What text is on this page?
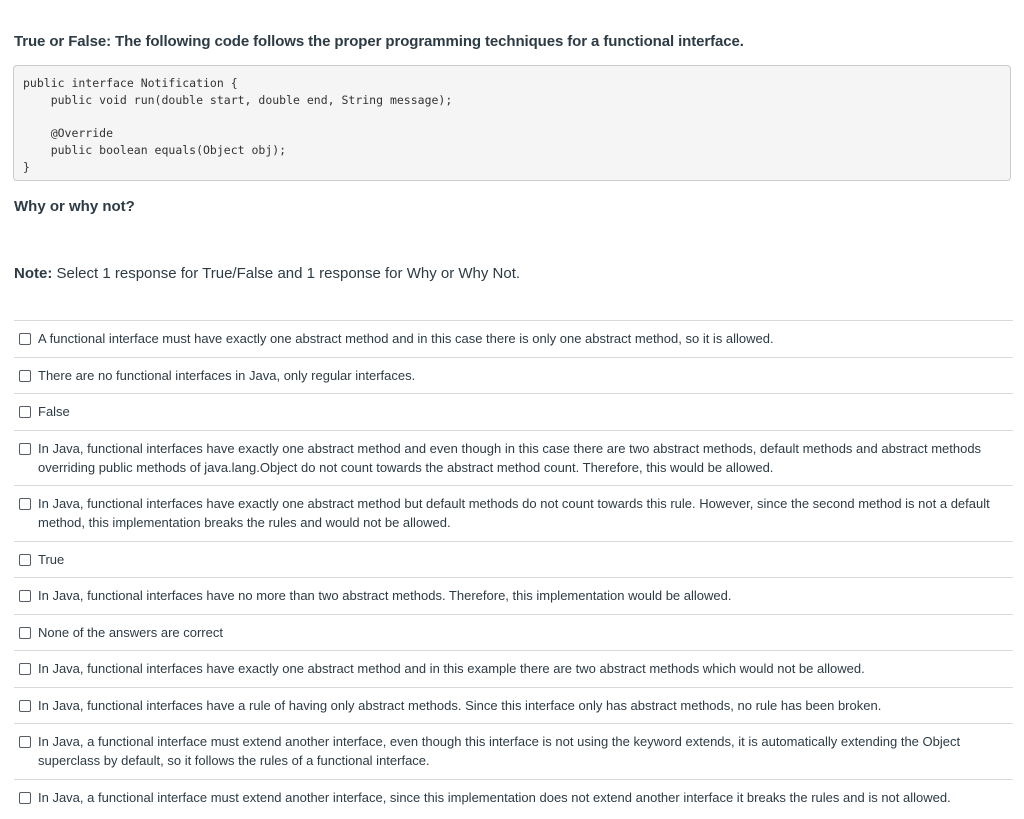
True or False: The following code follows the proper programming techniques for a functional interface.
public interface Notification {
public void run(double start, double end, String message);

@Override
public boolean equals(Object obj);
}

Why or why not?

Note: Select 1 response for True/False and 1 response for Why or Why Not.

A functional interface must have exactly one abstract method and in this case there is only one abstract method, so it is allowed.
There are no functional interfaces in Java, only regular interfaces.
False
In Java, functional interfaces have exactly one abstract method and even though in this case there are two abstract methods, default methods and abstract methods overriding public methods of java.lang.Object do not count towards the abstract method count. Therefore, this would be allowed.
In Java, functional interfaces have exactly one abstract method but default methods do not count towards this rule. However, since the second method is not a default method, this implementation breaks the rules and would not be allowed.
True
In Java, functional interfaces have no more than two abstract methods. Therefore, this implementation would be allowed.
None of the answers are correct
In Java, functional interfaces have exactly one abstract method and in this example there are two abstract methods which would not be allowed.
In Java, functional interfaces have a rule of having only abstract methods. Since this interface only has abstract methods, no rule has been broken.
In Java, a functional interface must extend another interface, even though this interface is not using the keyword extends, it is automatically extending the Object superclass by default, so it follows the rules of a functional interface.
In Java, a functional interface must extend another interface, since this implementation does not extend another interface it breaks the rules and is not allowed.
